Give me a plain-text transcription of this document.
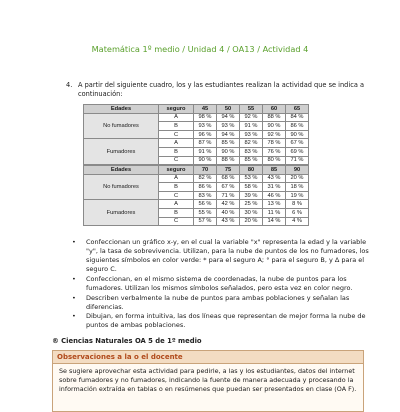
Matemática 1º medio / Unidad 4 / OA13 / Actividad 4
4. A partir del siguiente cuadro, los y las estudiantes realizan la actividad que se indica a continuación:
Edades	seguro	45	50	55	60	65
No fumadores	A	98 %	94 %	92 %	88 %	84 %
	B	93 %	93 %	91 %	90 %	86 %
	C	96 %	94 %	93 %	92 %	90 %
Fumadores	A	87 %	85 %	82 %	78 %	67 %
	B	91 %	90 %	83 %	76 %	69 %
	C	90 %	88 %	85 %	80 %	71 %
Edades	seguro	70	75	80	85	90
No fumadores	A	82 %	68 %	53 %	43 %	20 %
	B	86 %	67 %	58 %	31 %	18 %
	C	83 %	71 %	39 %	46 %	19 %
Fumadores	A	56 %	42 %	25 %	13 %	8 %
	B	55 %	40 %	30 %	11 %	6 %
	C	57 %	43 %	20 %	14 %	4 %
• Confeccionan un gráfico x-y, en el cual la variable "x" representa la edad y la variable "y", la tasa de sobrevivencia. Utilizan, para la nube de puntos de los no fumadores, los siguientes símbolos en color verde: * para el seguro A; ° para el seguro B, y Δ para el seguro C.
• Confeccionan, en el mismo sistema de coordenadas, la nube de puntos para los fumadores. Utilizan los mismos símbolos señalados, pero esta vez en color negro.
• Describen verbalmente la nube de puntos para ambas poblaciones y señalan las diferencias.
• Dibujan, en forma intuitiva, las dos líneas que representan de mejor forma la nube de puntos de ambas poblaciones.
® Ciencias Naturales OA 5 de 1º medio
Observaciones a la o el docente
Se sugiere aprovechar esta actividad para pedirle, a las y los estudiantes, datos del internet sobre fumadores y no fumadores, indicando la fuente de manera adecuada y procesando la información extraída en tablas o en resúmenes que puedan ser presentados en clase (OA F).
